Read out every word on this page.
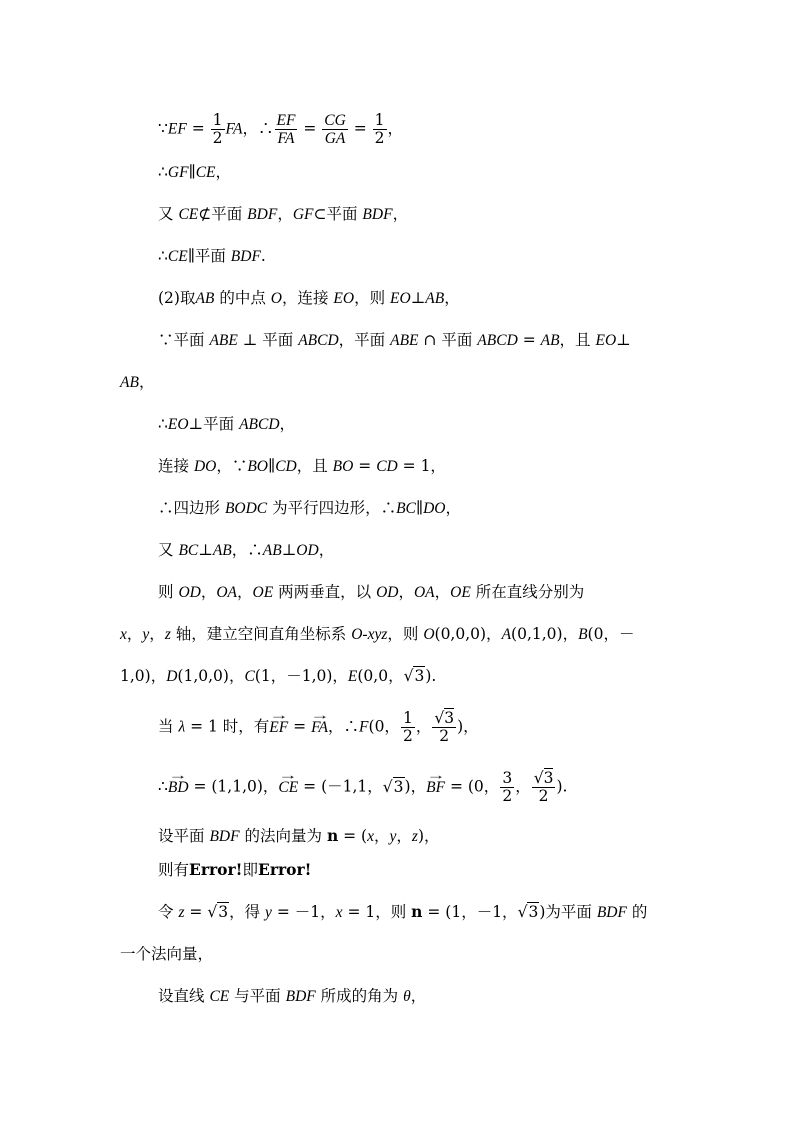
∵EF = $\frac{1}{2}$ FA，∴ $\frac{EF}{FA} = \frac{CG}{GA} = \frac{1}{2}$ ，
∴GF∥CE，
又 CE⊄平面 BDF，GF⊂平面 BDF，
∴CE∥平面 BDF.
(2)取AB 的中点 O，连接 EO，则 EO⊥AB，
∵平面 ABE ⊥ 平面 ABCD，平面 ABE ∩ 平面 ABCD = AB，且 EO⊥
AB，
∴EO⊥平面 ABCD，
连接 DO，∵BO∥CD，且 BO = CD = 1，
∴四边形 BODC 为平行四边形，∴BC∥DO，
又 BC⊥AB，∴AB⊥OD，
则 OD，OA，OE 两两垂直，以 OD，OA，OE 所在直线分别为
x，y，z 轴，建立空间直角坐标系 O-xyz，则 O(0,0,0)，A(0,1,0)，B(0，－
1,0)，D(1,0,0)，C(1，－1,0)，E(0,0，√3).
当 λ = 1 时，有→ EF = → FA，∴F(0， $\frac{1}{2}$ ， $\frac{√3}{2}$ )，
∴→ BD = (1,1,0)，→ CE = (－1,1，√3)，→ BF = (0， $\frac{3}{2}$ ， $\frac{√3}{2}$ ).
设平面 BDF 的法向量为 n = (x，y，z)，
则有Error!即Error!
令 z = √3，得 y = －1，x = 1，则 n = (1，－1，√3)为平面 BDF 的
一个法向量，
设直线 CE 与平面 BDF 所成的角为 θ，
